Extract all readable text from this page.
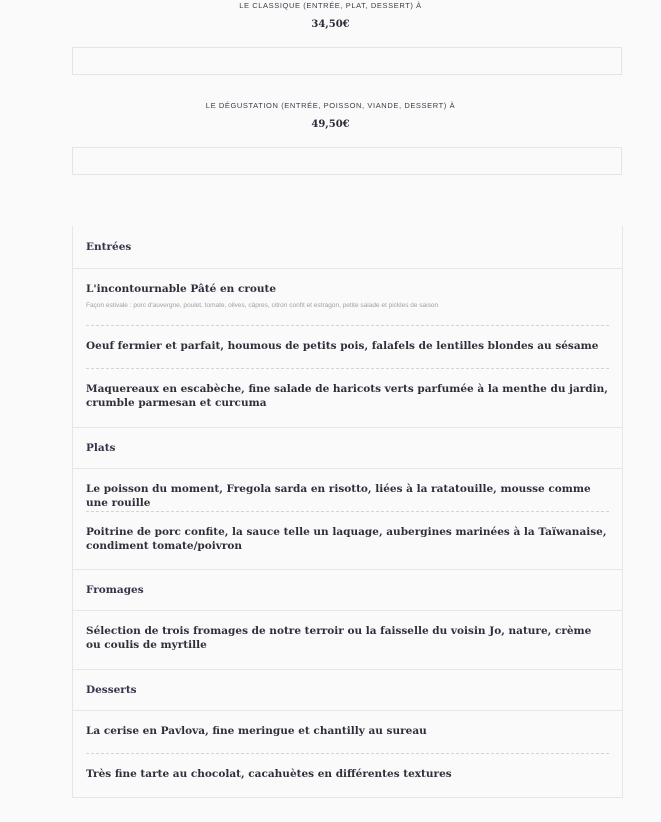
LE CLASSIQUE (ENTRÉE, PLAT, DESSERT) À
34,50€
LE DÉGUSTATION (ENTRÉE, POISSON, VIANDE, DESSERT) À
49,50€
Entrées
L'incontournable Pâté en croute
Façon estivale : porc d'auvergne, poulet, tomate, olives, câpres, citron confit et estragon, petite salade et pickles de saison
Oeuf fermier et parfait, houmous de petits pois, falafels de lentilles blondes au sésame
Maquereaux en escabèche, fine salade de haricots verts parfumée à la menthe du jardin, crumble parmesan et curcuma
Plats
Le poisson du moment, Fregola sarda en risotto, liées à la ratatouille, mousse comme une rouille
Poitrine de porc confite, la sauce telle un laquage, aubergines marinées à la Taïwanaise, condiment tomate/poivron
Fromages
Sélection de trois fromages de notre terroir ou la faisselle du voisin Jo, nature, crème ou coulis de myrtille
Desserts
La cerise en Pavlova, fine meringue et chantilly au sureau
Très fine tarte au chocolat, cacahuètes en différentes textures
